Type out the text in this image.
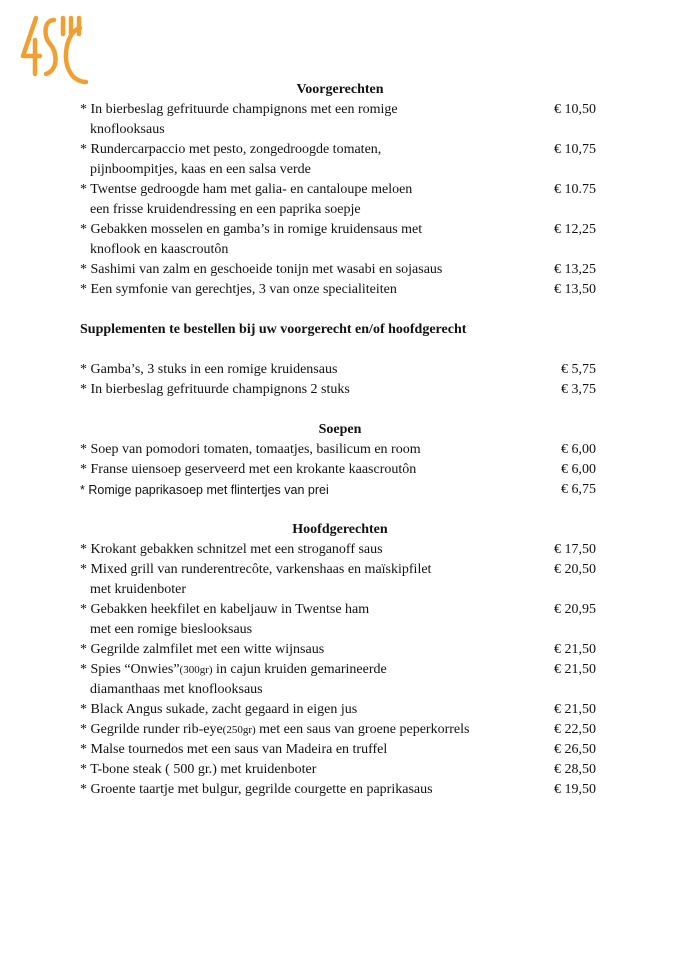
Voorgerechten
* In bierbeslag gefrituurde champignons met een romige
knoflooksaus
€ 10,50
* Rundercarpaccio met pesto, zongedroogde tomaten,
pijnboompitjes, kaas en een salsa verde
€ 10,75
* Twentse gedroogde ham met galia- en cantaloupe meloen
een frisse kruidendressing en een paprika soepje
€ 10.75
* Gebakken mosselen en gamba’s in romige kruidensaus met
knoflook en kaascroutôn
€ 12,25
* Sashimi van zalm en geschoeide tonijn met wasabi en sojasaus	€ 13,25
* Een symfonie van gerechtjes, 3 van onze specialiteiten	€ 13,50
Supplementen te bestellen bij uw voorgerecht en/of hoofdgerecht
* Gamba’s, 3 stuks in een romige kruidensaus	€ 5,75
* In bierbeslag gefrituurde champignons 2 stuks	€ 3,75
Soepen
* Soep van pomodori tomaten, tomaatjes, basilicum en room	€ 6,00
* Franse uiensoep geserveerd met een krokante kaascroutôn	€ 6,00
* Romige paprikasoep met flintertjes van prei	€ 6,75
Hoofdgerechten
* Krokant gebakken schnitzel met een stroganoff saus	€ 17,50
* Mixed grill van runderentrecôte, varkenshaas en maïskipfilet
met kruidenboter
€ 20,50
* Gebakken heekfilet en kabeljauw in Twentse ham
met een romige bieslooksaus
€ 20,95
* Gegrilde zalmfilet met een witte wijnsaus	€ 21,50
* Spies “Onwies”(300gr) in cajun kruiden gemarineerde
diamanthaas met knoflooksaus
€ 21,50
* Black Angus sukade, zacht gegaard in eigen jus	€ 21,50
* Gegrilde runder rib-eye(250gr) met een saus van groene peperkorrels	€ 22,50
* Malse tournedos met een saus van Madeira en truffel	€ 26,50
* T-bone steak ( 500 gr.) met kruidenboter	€ 28,50
* Groente taartje met bulgur, gegrilde courgette en paprikasaus	€ 19,50
